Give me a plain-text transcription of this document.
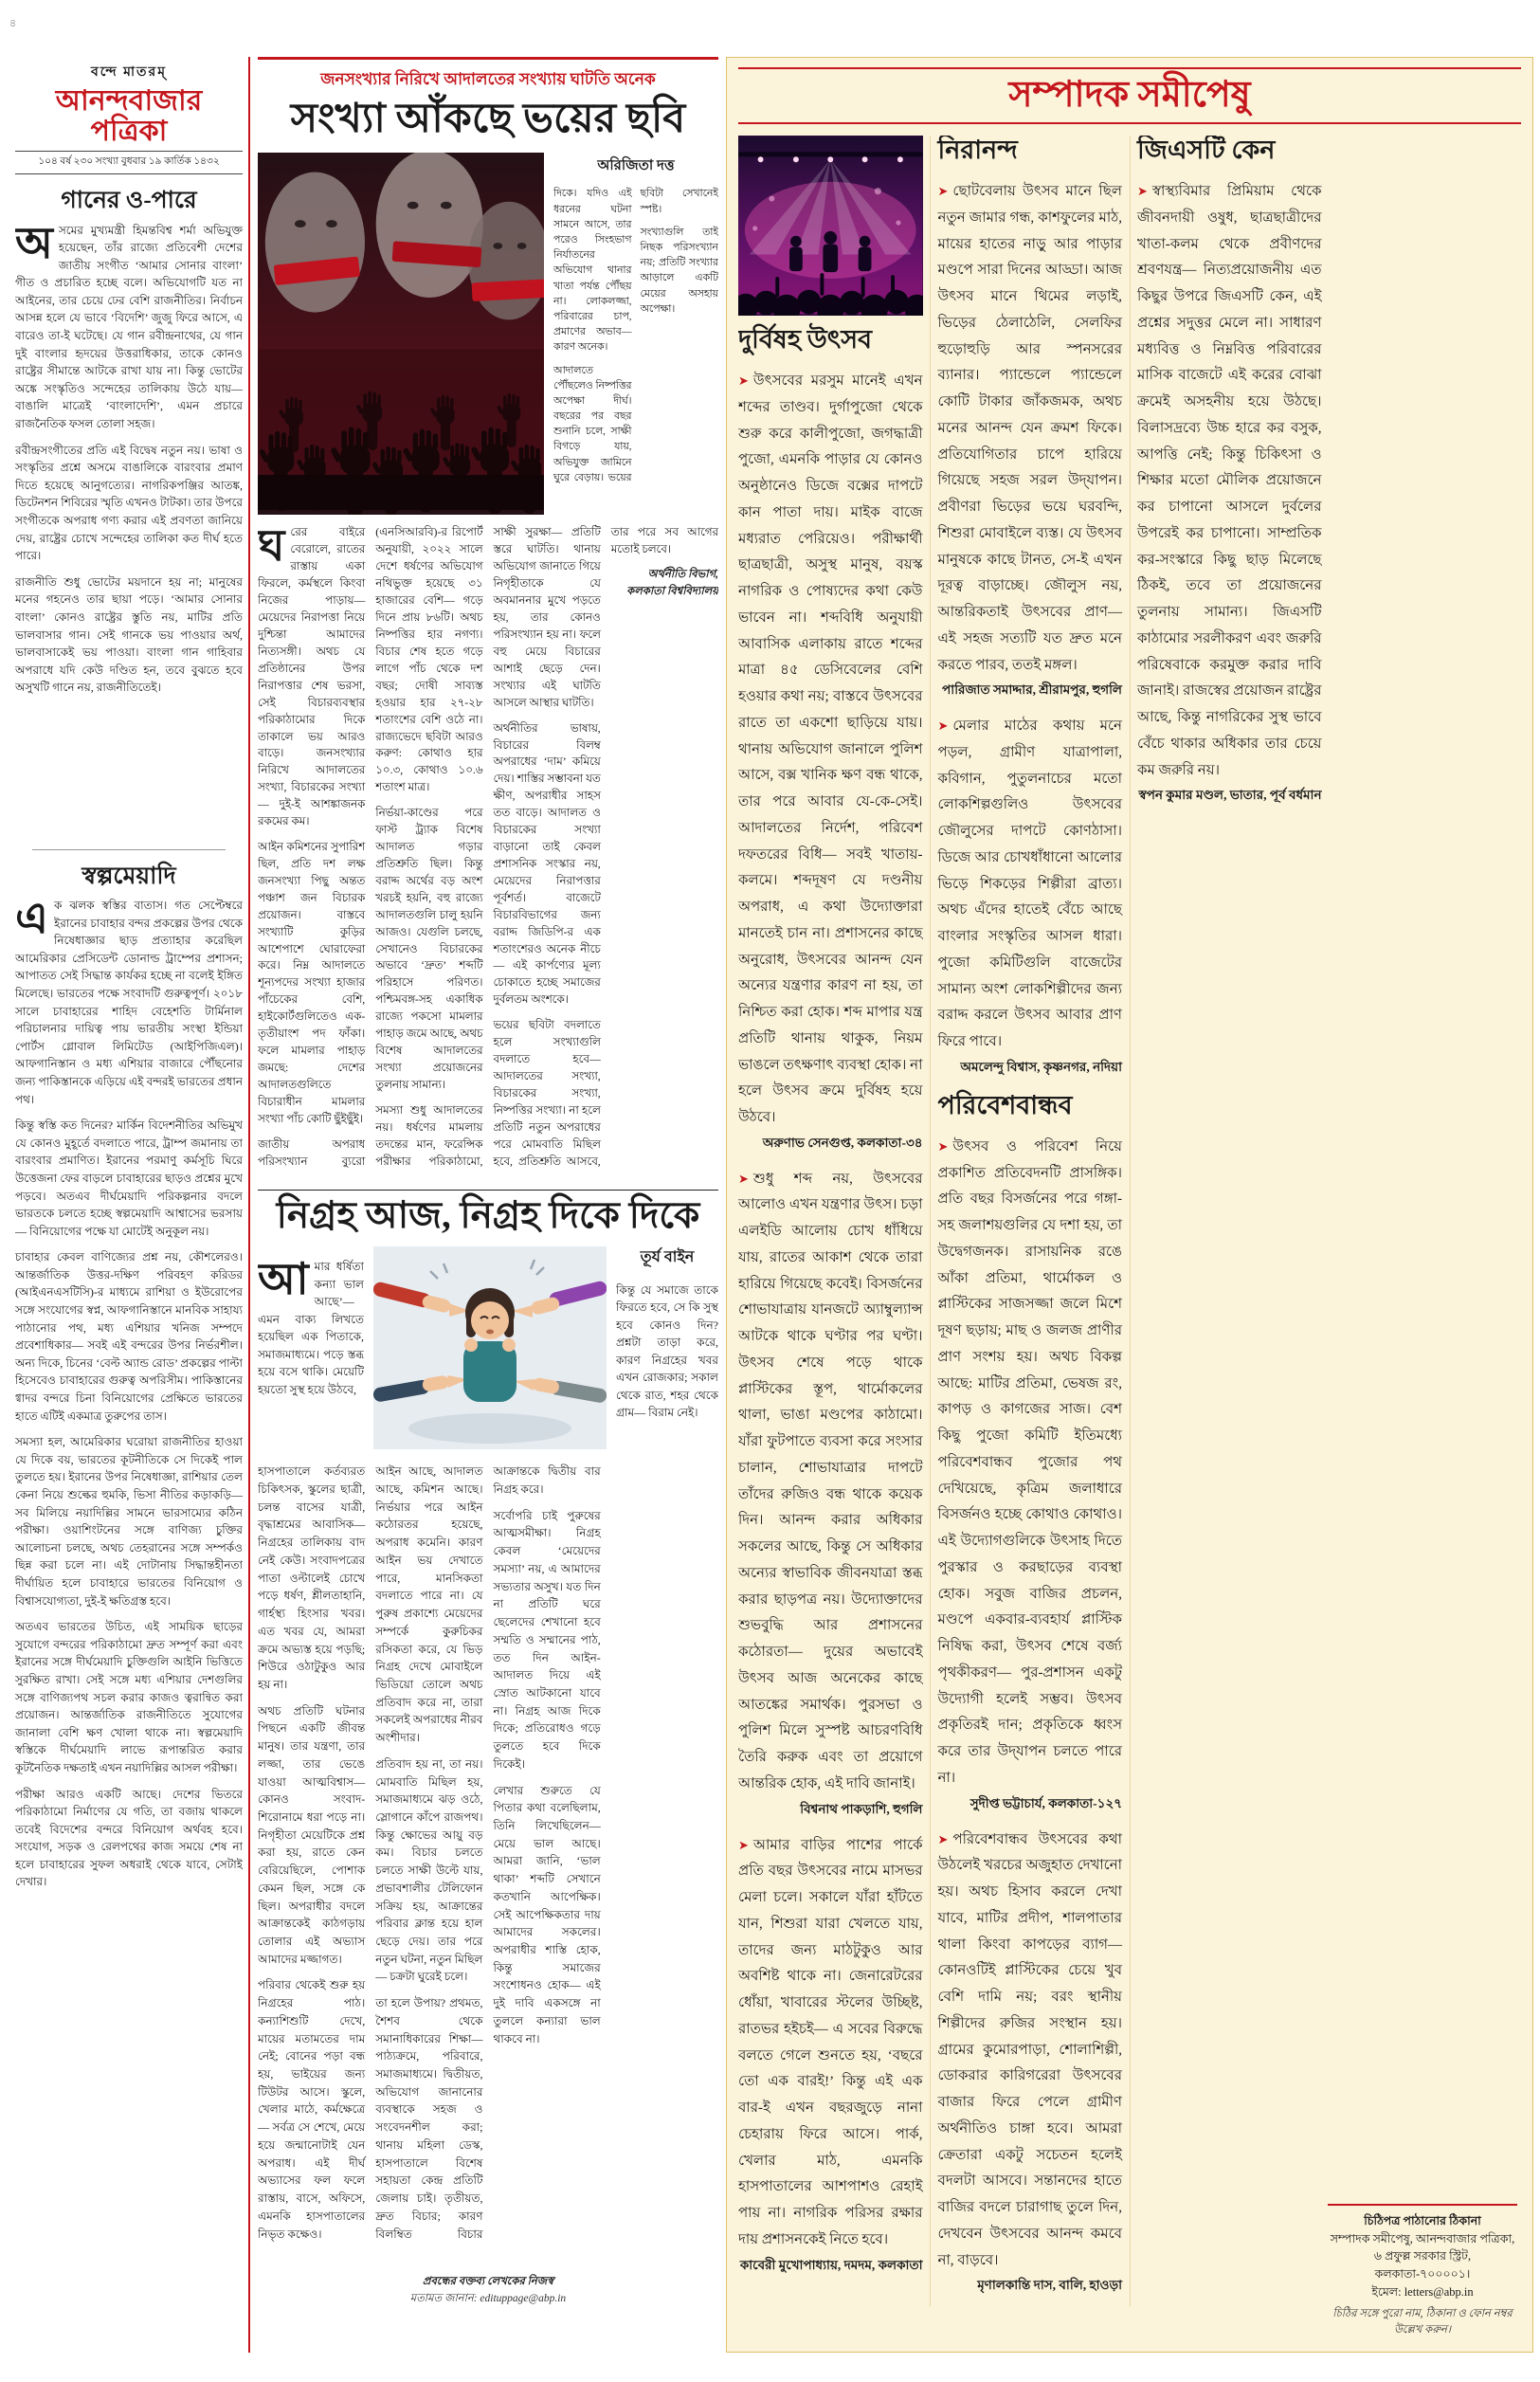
৪
বন্দে মাতরম্
আনন্দবাজার পত্রিকা
১০৪ বর্ষ ২৩০ সংখ্যা বুধবার ১৯ কার্তিক ১৪৩২
গানের ও-পারে

অসমের মুখ্যমন্ত্রী হিমন্তবিশ্ব শর্মা অভিযুক্ত হয়েছেন, তাঁর রাজ্যে প্রতিবেশী দেশের জাতীয় সংগীত ‘আমার সোনার বাংলা’ গীত ও প্রচারিত হচ্ছে বলে। অভিযোগটি যত না আইনের, তার চেয়ে ঢের বেশি রাজনীতির। নির্বাচন আসন্ন হলে যে ভাবে ‘বিদেশি’ জুজু ফিরে আসে, এ বারেও তা-ই ঘটেছে। যে গান রবীন্দ্রনাথের, যে গান দুই বাংলার হৃদয়ের উত্তরাধিকার, তাকে কোনও রাষ্ট্রের সীমান্তে আটকে রাখা যায় না। কিন্তু ভোটের অঙ্কে সংস্কৃতিও সন্দেহের তালিকায় উঠে যায়— বাঙালি মাত্রেই ‘বাংলাদেশি’, এমন প্রচারে রাজনৈতিক ফসল তোলা সহজ।

রবীন্দ্রসংগীতের প্রতি এই বিদ্বেষ নতুন নয়। ভাষা ও সংস্কৃতির প্রশ্নে অসমে বাঙালিকে বারংবার প্রমাণ দিতে হয়েছে আনুগত্যের। নাগরিকপঞ্জির আতঙ্ক, ডিটেনশন শিবিরের স্মৃতি এখনও টাটকা। তার উপরে সংগীতকে অপরাধ গণ্য করার এই প্রবণতা জানিয়ে দেয়, রাষ্ট্রের চোখে সন্দেহের তালিকা কত দীর্ঘ হতে পারে।

রাজনীতি শুধু ভোটের ময়দানে হয় না; মানুষের মনের গহনেও তার ছায়া পড়ে। ‘আমার সোনার বাংলা’ কোনও রাষ্ট্রের স্তুতি নয়, মাটির প্রতি ভালবাসার গান। সেই গানকে ভয় পাওয়ার অর্থ, ভালবাসাকেই ভয় পাওয়া। বাংলা গান গাহিবার অপরাধে যদি কেউ দণ্ডিত হন, তবে বুঝতে হবে অসুখটি গানে নয়, রাজনীতিতেই।

স্বল্পমেয়াদি

এক ঝলক স্বস্তির বাতাস। গত সেপ্টেম্বরে ইরানের চাবাহার বন্দর প্রকল্পের উপর থেকে নিষেধাজ্ঞার ছাড় প্রত্যাহার করেছিল আমেরিকার প্রেসিডেন্ট ডোনাল্ড ট্রাম্পের প্রশাসন; আপাতত সেই সিদ্ধান্ত কার্যকর হচ্ছে না বলেই ইঙ্গিত মিলেছে। ভারতের পক্ষে সংবাদটি গুরুত্বপূর্ণ। ২০১৮ সালে চাবাহারের শাহিদ বেহেশতি টার্মিনাল পরিচালনার দায়িত্ব পায় ভারতীয় সংস্থা ইন্ডিয়া পোর্টস গ্লোবাল লিমিটেড (আইপিজিএল)। আফগানিস্তান ও মধ্য এশিয়ার বাজারে পৌঁছনোর জন্য পাকিস্তানকে এড়িয়ে এই বন্দরই ভারতের প্রধান পথ।

কিন্তু স্বস্তি কত দিনের? মার্কিন বিদেশনীতির অভিমুখ যে কোনও মুহূর্তে বদলাতে পারে, ট্রাম্প জমানায় তা বারংবার প্রমাণিত। ইরানের পরমাণু কর্মসূচি ঘিরে উত্তেজনা ফের বাড়লে চাবাহারের ছাড়ও প্রশ্নের মুখে পড়বে। অতএব দীর্ঘমেয়াদি পরিকল্পনার বদলে ভারতকে চলতে হচ্ছে স্বল্পমেয়াদি আশ্বাসের ভরসায়— বিনিয়োগের পক্ষে যা মোটেই অনুকূল নয়।

চাবাহার কেবল বাণিজ্যের প্রশ্ন নয়, কৌশলেরও। আন্তর্জাতিক উত্তর-দক্ষিণ পরিবহণ করিডর (আইএনএসটিসি)-র মাধ্যমে রাশিয়া ও ইউরোপের সঙ্গে সংযোগের স্বপ্ন, আফগানিস্তানে মানবিক সাহায্য পাঠানোর পথ, মধ্য এশিয়ার খনিজ সম্পদে প্রবেশাধিকার— সবই এই বন্দরের উপর নির্ভরশীল। অন্য দিকে, চিনের ‘বেল্ট অ্যান্ড রোড’ প্রকল্পের পাল্টা হিসেবেও চাবাহারের গুরুত্ব অপরিসীম। পাকিস্তানের গ্বাদর বন্দরে চিনা বিনিয়োগের প্রেক্ষিতে ভারতের হাতে এটিই একমাত্র তুরুপের তাস।

সমস্যা হল, আমেরিকার ঘরোয়া রাজনীতির হাওয়া যে দিকে বয়, ভারতের কূটনীতিকে সে দিকেই পাল তুলতে হয়। ইরানের উপর নিষেধাজ্ঞা, রাশিয়ার তেল কেনা নিয়ে শুল্কের হুমকি, ভিসা নীতির কড়াকড়ি— সব মিলিয়ে নয়াদিল্লির সামনে ভারসাম্যের কঠিন পরীক্ষা। ওয়াশিংটনের সঙ্গে বাণিজ্য চুক্তির আলোচনা চলছে, অথচ তেহরানের সঙ্গে সম্পর্কও ছিন্ন করা চলে না। এই দোটানায় সিদ্ধান্তহীনতা দীর্ঘায়িত হলে চাবাহারে ভারতের বিনিয়োগ ও বিশ্বাসযোগ্যতা, দুই-ই ক্ষতিগ্রস্ত হবে।

অতএব ভারতের উচিত, এই সাময়িক ছাড়ের সুযোগে বন্দরের পরিকাঠামো দ্রুত সম্পূর্ণ করা এবং ইরানের সঙ্গে দীর্ঘমেয়াদি চুক্তিগুলি আইনি ভিত্তিতে সুরক্ষিত রাখা। সেই সঙ্গে মধ্য এশিয়ার দেশগুলির সঙ্গে বাণিজ্যপথ সচল করার কাজও ত্বরান্বিত করা প্রয়োজন। আন্তর্জাতিক রাজনীতিতে সুযোগের জানালা বেশি ক্ষণ খোলা থাকে না। স্বল্পমেয়াদি স্বস্তিকে দীর্ঘমেয়াদি লাভে রূপান্তরিত করার কূটনৈতিক দক্ষতাই এখন নয়াদিল্লির আসল পরীক্ষা।

পরীক্ষা আরও একটি আছে। দেশের ভিতরে পরিকাঠামো নির্মাণের যে গতি, তা বজায় থাকলে তবেই বিদেশের বন্দরে বিনিয়োগ অর্থবহ হবে। সংযোগ, সড়ক ও রেলপথের কাজ সময়ে শেষ না হলে চাবাহারের সুফল অধরাই থেকে যাবে, সেটাই দেখার।

জনসংখ্যার নিরিখে আদালতের সংখ্যায় ঘাটতি অনেক
সংখ্যা আঁকছে ভয়ের ছবি
অরিজিতা দত্ত

দিকে। যদিও এই ধরনের ঘটনা সামনে আসে, তার পরেও সিংহভাগ নির্যাতনের অভিযোগ থানার খাতা পর্যন্ত পৌঁছয় না। লোকলজ্জা, পরিবারের চাপ, প্রমাণের অভাব— কারণ অনেক।

আদালতে পৌঁছলেও নিষ্পত্তির অপেক্ষা দীর্ঘ। বছরের পর বছর শুনানি চলে, সাক্ষী বিগড়ে যায়, অভিযুক্ত জামিনে ঘুরে বেড়ায়। ভয়ের ছবিটা সেখানেই স্পষ্ট।

সংখ্যাগুলি তাই নিছক পরিসংখ্যান নয়; প্রতিটি সংখ্যার আড়ালে একটি মেয়ের অসহায় অপেক্ষা।

ঘরের বাইরে বেরোলে, রাতের রাস্তায় একা ফিরলে, কর্মস্থলে কিংবা নিজের পাড়ায়— মেয়েদের নিরাপত্তা নিয়ে দুশ্চিন্তা আমাদের নিত্যসঙ্গী। অথচ যে প্রতিষ্ঠানের উপর নিরাপত্তার শেষ ভরসা, সেই বিচারব্যবস্থার পরিকাঠামোর দিকে তাকালে ভয় আরও বাড়ে। জনসংখ্যার নিরিখে আদালতের সংখ্যা, বিচারকের সংখ্যা— দুই-ই আশঙ্কাজনক রকমের কম।

আইন কমিশনের সুপারিশ ছিল, প্রতি দশ লক্ষ জনসংখ্যা পিছু অন্তত পঞ্চাশ জন বিচারক প্রয়োজন। বাস্তবে সংখ্যাটি কুড়ির আশেপাশে ঘোরাফেরা করে। নিম্ন আদালতে শূন্যপদের সংখ্যা হাজার পাঁচেকের বেশি, হাইকোর্টগুলিতেও এক-তৃতীয়াংশ পদ ফাঁকা। ফলে মামলার পাহাড় জমছে: দেশের আদালতগুলিতে বিচারাধীন মামলার সংখ্যা পাঁচ কোটি ছুঁইছুঁই।

জাতীয় অপরাধ পরিসংখ্যান ব্যুরো (এনসিআরবি)-র রিপোর্ট অনুযায়ী, ২০২২ সালে দেশে ধর্ষণের অভিযোগ নথিভুক্ত হয়েছে ৩১ হাজারের বেশি— গড়ে দিনে প্রায় ৮৬টি। অথচ নিষ্পত্তির হার নগণ্য। বিচার শেষ হতে গড়ে লাগে পাঁচ থেকে দশ বছর; দোষী সাব্যস্ত হওয়ার হার ২৭-২৮ শতাংশের বেশি ওঠে না। রাজ্যভেদে ছবিটা আরও করুণ: কোথাও হার ১০.৩, কোথাও ১০.৬ শতাংশ মাত্র।

নির্ভয়া-কাণ্ডের পরে ফাস্ট ট্র্যাক বিশেষ আদালত গড়ার প্রতিশ্রুতি ছিল। কিন্তু বরাদ্দ অর্থের বড় অংশ খরচই হয়নি, বহু রাজ্যে আদালতগুলি চালু হয়নি আজও। যেগুলি চলছে, সেখানেও বিচারকের অভাবে ‘দ্রুত’ শব্দটি পরিহাসে পরিণত। পশ্চিমবঙ্গ-সহ একাধিক রাজ্যে পকসো মামলার পাহাড় জমে আছে, অথচ বিশেষ আদালতের সংখ্যা প্রয়োজনের তুলনায় সামান্য।

সমস্যা শুধু আদালতের নয়। ধর্ষণের মামলায় তদন্তের মান, ফরেন্সিক পরীক্ষার পরিকাঠামো, সাক্ষী সুরক্ষা— প্রতিটি স্তরে ঘাটতি। থানায় অভিযোগ জানাতে গিয়ে নিগৃহীতাকে যে অবমাননার মুখে পড়তে হয়, তার কোনও পরিসংখ্যান হয় না। ফলে বহু মেয়ে বিচারের আশাই ছেড়ে দেন। সংখ্যার এই ঘাটতি আসলে আস্থার ঘাটতি।

অর্থনীতির ভাষায়, বিচারের বিলম্ব অপরাধের ‘দাম’ কমিয়ে দেয়। শাস্তির সম্ভাবনা যত ক্ষীণ, অপরাধীর সাহস তত বাড়ে। আদালত ও বিচারকের সংখ্যা বাড়ানো তাই কেবল প্রশাসনিক সংস্কার নয়, মেয়েদের নিরাপত্তার পূর্বশর্ত। বাজেটে বিচারবিভাগের জন্য বরাদ্দ জিডিপি-র এক শতাংশেরও অনেক নীচে— এই কার্পণ্যের মূল্য চোকাতে হচ্ছে সমাজের দুর্বলতম অংশকে।

ভয়ের ছবিটা বদলাতে হলে সংখ্যাগুলি বদলাতে হবে— আদালতের সংখ্যা, বিচারকের সংখ্যা, নিষ্পত্তির সংখ্যা। না হলে প্রতিটি নতুন অপরাধের পরে মোমবাতি মিছিল হবে, প্রতিশ্রুতি আসবে, তার পরে সব আগের মতোই চলবে।

অর্থনীতি বিভাগ, কলকাতা বিশ্ববিদ্যালয়

নিগ্রহ আজ, নিগ্রহ দিকে দিকে

আমার ধর্ষিতা কন্যা ভাল আছে’— এমন বাক্য লিখতে হয়েছিল এক পিতাকে, সমাজমাধ্যমে। পড়ে স্তব্ধ হয়ে বসে থাকি। মেয়েটি হয়তো সুস্থ হয়ে উঠবে,

তূর্য বাইন

কিন্তু যে সমাজে তাকে ফিরতে হবে, সে কি সুস্থ হবে কোনও দিন? প্রশ্নটা তাড়া করে, কারণ নিগ্রহের খবর এখন রোজকার; সকাল থেকে রাত, শহর থেকে গ্রাম— বিরাম নেই।

হাসপাতালে কর্তব্যরত চিকিৎসক, স্কুলের ছাত্রী, চলন্ত বাসের যাত্রী, বৃদ্ধাশ্রমের আবাসিক— নিগ্রহের তালিকায় বাদ নেই কেউ। সংবাদপত্রের পাতা ওল্টালেই চোখে পড়ে ধর্ষণ, শ্লীলতাহানি, গার্হস্থ্য হিংসার খবর। এত খবর যে, আমরা ক্রমে অভ্যস্ত হয়ে পড়ছি; শিউরে ওঠাটুকুও আর হয় না।

অথচ প্রতিটি ঘটনার পিছনে একটি জীবন্ত মানুষ। তার যন্ত্রণা, তার লজ্জা, তার ভেঙে যাওয়া আত্মবিশ্বাস— কোনও সংবাদ-শিরোনামে ধরা পড়ে না। নিগৃহীতা মেয়েটিকে প্রশ্ন করা হয়, রাতে কেন বেরিয়েছিলে, পোশাক কেমন ছিল, সঙ্গে কে ছিল। অপরাধীর বদলে আক্রান্তকেই কাঠগড়ায় তোলার এই অভ্যাস আমাদের মজ্জাগত।

পরিবার থেকেই শুরু হয় নিগ্রহের পাঠ। কন্যাশিশুটি দেখে, মায়ের মতামতের দাম নেই; বোনের পড়া বন্ধ হয়, ভাইয়ের জন্য টিউটর আসে। স্কুলে, খেলার মাঠে, কর্মক্ষেত্রে— সর্বত্র সে শেখে, মেয়ে হয়ে জন্মানোটাই যেন অপরাধ। এই দীর্ঘ অভ্যাসের ফল ফলে রাস্তায়, বাসে, অফিসে, এমনকি হাসপাতালের নিভৃত কক্ষেও।

আইন আছে, আদালত আছে, কমিশন আছে। নির্ভয়ার পরে আইন কঠোরতর হয়েছে, অপরাধ কমেনি। কারণ আইন ভয় দেখাতে পারে, মানসিকতা বদলাতে পারে না। যে পুরুষ প্রকাশ্যে মেয়েদের সম্পর্কে কুরুচিকর রসিকতা করে, যে ভিড় নিগ্রহ দেখে মোবাইলে ভিডিয়ো তোলে অথচ প্রতিবাদ করে না, তারা সকলেই অপরাধের নীরব অংশীদার।

প্রতিবাদ হয় না, তা নয়। মোমবাতি মিছিল হয়, সমাজমাধ্যমে ঝড় ওঠে, স্লোগানে কাঁপে রাজপথ। কিন্তু ক্ষোভের আয়ু বড় কম। বিচার চলতে চলতে সাক্ষী উল্টে যায়, প্রভাবশালীর টেলিফোন সক্রিয় হয়, আক্রান্তের পরিবার ক্লান্ত হয়ে হাল ছেড়ে দেয়। তার পরে নতুন ঘটনা, নতুন মিছিল— চক্রটা ঘুরেই চলে।

তা হলে উপায়? প্রথমত, শৈশব থেকে সমানাধিকারের শিক্ষা— পাঠ্যক্রমে, পরিবারে, সমাজমাধ্যমে। দ্বিতীয়ত, অভিযোগ জানানোর ব্যবস্থাকে সহজ ও সংবেদনশীল করা; থানায় মহিলা ডেস্ক, হাসপাতালে বিশেষ সহায়তা কেন্দ্র প্রতিটি জেলায় চাই। তৃতীয়ত, দ্রুত বিচার; কারণ বিলম্বিত বিচার আক্রান্তকে দ্বিতীয় বার নিগ্রহ করে।

সর্বোপরি চাই পুরুষের আত্মসমীক্ষা। নিগ্রহ কেবল ‘মেয়েদের সমস্যা’ নয়, এ আমাদের সভ্যতার অসুখ। যত দিন না প্রতিটি ঘরে ছেলেদের শেখানো হবে সম্মতি ও সম্মানের পাঠ, তত দিন আইন-আদালত দিয়ে এই স্রোত আটকানো যাবে না। নিগ্রহ আজ দিকে দিকে; প্রতিরোধও গড়ে তুলতে হবে দিকে দিকেই।

লেখার শুরুতে যে পিতার কথা বলেছিলাম, তিনি লিখেছিলেন— মেয়ে ভাল আছে। আমরা জানি, ‘ভাল থাকা’ শব্দটি সেখানে কতখানি আপেক্ষিক। সেই আপেক্ষিকতার দায় আমাদের সকলের। অপরাধীর শাস্তি হোক, কিন্তু সমাজের সংশোধনও হোক— এই দুই দাবি একসঙ্গে না তুললে কন্যারা ভাল থাকবে না।

প্রবন্ধের বক্তব্য লেখকের নিজস্ব
মতামত জানান: edituppage@abp.in
সম্পাদক সমীপেষু
দুর্বিষহ উৎসব

➤ উৎসবের মরসুম মানেই এখন শব্দের তাণ্ডব। দুর্গাপুজো থেকে শুরু করে কালীপুজো, জগদ্ধাত্রী পুজো, এমনকি পাড়ার যে কোনও অনুষ্ঠানেও ডিজে বক্সের দাপটে কান পাতা দায়। মাইক বাজে মধ্যরাত পেরিয়েও। পরীক্ষার্থী ছাত্রছাত্রী, অসুস্থ মানুষ, বয়স্ক নাগরিক ও পোষ্যদের কথা কেউ ভাবেন না। শব্দবিধি অনুযায়ী আবাসিক এলাকায় রাতে শব্দের মাত্রা ৪৫ ডেসিবেলের বেশি হওয়ার কথা নয়; বাস্তবে উৎসবের রাতে তা একশো ছাড়িয়ে যায়। থানায় অভিযোগ জানালে পুলিশ আসে, বক্স খানিক ক্ষণ বন্ধ থাকে, তার পরে আবার যে-কে-সেই। আদালতের নির্দেশ, পরিবেশ দফতরের বিধি— সবই খাতায়-কলমে। শব্দদূষণ যে দণ্ডনীয় অপরাধ, এ কথা উদ্যোক্তারা মানতেই চান না। প্রশাসনের কাছে অনুরোধ, উৎসবের আনন্দ যেন অন্যের যন্ত্রণার কারণ না হয়, তা নিশ্চিত করা হোক। শব্দ মাপার যন্ত্র প্রতিটি থানায় থাকুক, নিয়ম ভাঙলে তৎক্ষণাৎ ব্যবস্থা হোক। না হলে উৎসব ক্রমে দুর্বিষহ হয়ে উঠবে।
অরুণাভ সেনগুপ্ত, কলকাতা-৩৪

➤ শুধু শব্দ নয়, উৎসবের আলোও এখন যন্ত্রণার উৎস। চড়া এলইডি আলোয় চোখ ধাঁধিয়ে যায়, রাতের আকাশ থেকে তারা হারিয়ে গিয়েছে কবেই। বিসর্জনের শোভাযাত্রায় যানজটে অ্যাম্বুল্যান্স আটকে থাকে ঘণ্টার পর ঘণ্টা। উৎসব শেষে পড়ে থাকে প্লাস্টিকের স্তূপ, থার্মোকলের থালা, ভাঙা মণ্ডপের কাঠামো। যাঁরা ফুটপাতে ব্যবসা করে সংসার চালান, শোভাযাত্রার দাপটে তাঁদের রুজিও বন্ধ থাকে কয়েক দিন। আনন্দ করার অধিকার সকলের আছে, কিন্তু সে অধিকার অন্যের স্বাভাবিক জীবনযাত্রা স্তব্ধ করার ছাড়পত্র নয়। উদ্যোক্তাদের শুভবুদ্ধি আর প্রশাসনের কঠোরতা— দুয়ের অভাবেই উৎসব আজ অনেকের কাছে আতঙ্কের সমার্থক। পুরসভা ও পুলিশ মিলে সুস্পষ্ট আচরণবিধি তৈরি করুক এবং তা প্রয়োগে আন্তরিক হোক, এই দাবি জানাই।
বিশ্বনাথ পাকড়াশি, হুগলি

➤ আমার বাড়ির পাশের পার্কে প্রতি বছর উৎসবের নামে মাসভর মেলা চলে। সকালে যাঁরা হাঁটতে যান, শিশুরা যারা খেলতে যায়, তাদের জন্য মাঠটুকুও আর অবশিষ্ট থাকে না। জেনারেটরের ধোঁয়া, খাবারের স্টলের উচ্ছিষ্ট, রাতভর হইচই— এ সবের বিরুদ্ধে বলতে গেলে শুনতে হয়, ‘বছরে তো এক বারই!’ কিন্তু এই এক বার-ই এখন বছরজুড়ে নানা চেহারায় ফিরে আসে। পার্ক, খেলার মাঠ, এমনকি হাসপাতালের আশপাশও রেহাই পায় না। নাগরিক পরিসর রক্ষার দায় প্রশাসনকেই নিতে হবে।
কাবেরী মুখোপাধ্যায়, দমদম, কলকাতা

নিরানন্দ

➤ ছোটবেলায় উৎসব মানে ছিল নতুন জামার গন্ধ, কাশফুলের মাঠ, মায়ের হাতের নাড়ু আর পাড়ার মণ্ডপে সারা দিনের আড্ডা। আজ উৎসব মানে থিমের লড়াই, ভিড়ের ঠেলাঠেলি, সেলফির হুড়োহুড়ি আর স্পনসরের ব্যানার। প্যান্ডেলে প্যান্ডেলে কোটি টাকার জাঁকজমক, অথচ মনের আনন্দ যেন ক্রমশ ফিকে। প্রতিযোগিতার চাপে হারিয়ে গিয়েছে সহজ সরল উদ্‌যাপন। প্রবীণরা ভিড়ের ভয়ে ঘরবন্দি, শিশুরা মোবাইলে ব্যস্ত। যে উৎসব মানুষকে কাছে টানত, সে-ই এখন দূরত্ব বাড়াচ্ছে। জৌলুস নয়, আন্তরিকতাই উৎসবের প্রাণ— এই সহজ সত্যটি যত দ্রুত মনে করতে পারব, ততই মঙ্গল।
পারিজাত সমাদ্দার, শ্রীরামপুর, হুগলি

➤ মেলার মাঠের কথায় মনে পড়ল, গ্রামীণ যাত্রাপালা, কবিগান, পুতুলনাচের মতো লোকশিল্পগুলিও উৎসবের জৌলুসের দাপটে কোণঠাসা। ডিজে আর চোখধাঁধানো আলোর ভিড়ে শিকড়ের শিল্পীরা ব্রাত্য। অথচ এঁদের হাতেই বেঁচে আছে বাংলার সংস্কৃতির আসল ধারা। পুজো কমিটিগুলি বাজেটের সামান্য অংশ লোকশিল্পীদের জন্য বরাদ্দ করলে উৎসব আবার প্রাণ ফিরে পাবে।
অমলেন্দু বিশ্বাস, কৃষ্ণনগর, নদিয়া

পরিবেশবান্ধব

➤ উৎসব ও পরিবেশ নিয়ে প্রকাশিত প্রতিবেদনটি প্রাসঙ্গিক। প্রতি বছর বিসর্জনের পরে গঙ্গা-সহ জলাশয়গুলির যে দশা হয়, তা উদ্বেগজনক। রাসায়নিক রঙে আঁকা প্রতিমা, থার্মোকল ও প্লাস্টিকের সাজসজ্জা জলে মিশে দূষণ ছড়ায়; মাছ ও জলজ প্রাণীর প্রাণ সংশয় হয়। অথচ বিকল্প আছে: মাটির প্রতিমা, ভেষজ রং, কাপড় ও কাগজের সাজ। বেশ কিছু পুজো কমিটি ইতিমধ্যে পরিবেশবান্ধব পুজোর পথ দেখিয়েছে, কৃত্রিম জলাধারে বিসর্জনও হচ্ছে কোথাও কোথাও। এই উদ্যোগগুলিকে উৎসাহ দিতে পুরস্কার ও করছাড়ের ব্যবস্থা হোক। সবুজ বাজির প্রচলন, মণ্ডপে একবার-ব্যবহার্য প্লাস্টিক নিষিদ্ধ করা, উৎসব শেষে বর্জ্য পৃথকীকরণ— পুর-প্রশাসন একটু উদ্যোগী হলেই সম্ভব। উৎসব প্রকৃতিরই দান; প্রকৃতিকে ধ্বংস করে তার উদ্‌যাপন চলতে পারে না।
সুদীপ্ত ভট্টাচার্য, কলকাতা-১২৭

➤ পরিবেশবান্ধব উৎসবের কথা উঠলেই খরচের অজুহাত দেখানো হয়। অথচ হিসাব করলে দেখা যাবে, মাটির প্রদীপ, শালপাতার থালা কিংবা কাপড়ের ব্যাগ— কোনওটিই প্লাস্টিকের চেয়ে খুব বেশি দামি নয়; বরং স্থানীয় শিল্পীদের রুজির সংস্থান হয়। গ্রামের কুমোরপাড়া, শোলাশিল্পী, ডোকরার কারিগরেরা উৎসবের বাজার ফিরে পেলে গ্রামীণ অর্থনীতিও চাঙ্গা হবে। আমরা ক্রেতারা একটু সচেতন হলেই বদলটা আসবে। সন্তানদের হাতে বাজির বদলে চারাগাছ তুলে দিন, দেখবেন উৎসবের আনন্দ কমবে না, বাড়বে।
মৃণালকান্তি দাস, বালি, হাওড়া

জিএসটি কেন

➤ স্বাস্থ্যবিমার প্রিমিয়াম থেকে জীবনদায়ী ওষুধ, ছাত্রছাত্রীদের খাতা-কলম থেকে প্রবীণদের শ্রবণযন্ত্র— নিত্যপ্রয়োজনীয় এত কিছুর উপরে জিএসটি কেন, এই প্রশ্নের সদুত্তর মেলে না। সাধারণ মধ্যবিত্ত ও নিম্নবিত্ত পরিবারের মাসিক বাজেটে এই করের বোঝা ক্রমেই অসহনীয় হয়ে উঠছে। বিলাসদ্রব্যে উচ্চ হারে কর বসুক, আপত্তি নেই; কিন্তু চিকিৎসা ও শিক্ষার মতো মৌলিক প্রয়োজনে কর চাপানো আসলে দুর্বলের উপরেই কর চাপানো। সাম্প্রতিক কর-সংস্কারে কিছু ছাড় মিলেছে ঠিকই, তবে তা প্রয়োজনের তুলনায় সামান্য। জিএসটি কাঠামোর সরলীকরণ এবং জরুরি পরিষেবাকে করমুক্ত করার দাবি জানাই। রাজস্বের প্রয়োজন রাষ্ট্রের আছে, কিন্তু নাগরিকের সুস্থ ভাবে বেঁচে থাকার অধিকার তার চেয়ে কম জরুরি নয়।
স্বপন কুমার মণ্ডল, ভাতার, পূর্ব বর্ধমান

চিঠিপত্র পাঠানোর ঠিকানা
সম্পাদক সমীপেষু, আনন্দবাজার পত্রিকা,
৬ প্রফুল্ল সরকার স্ট্রিট, কলকাতা-৭০০০০১।
ইমেল: letters@abp.in
চিঠির সঙ্গে পুরো নাম, ঠিকানা ও ফোন নম্বর উল্লেখ করুন।
